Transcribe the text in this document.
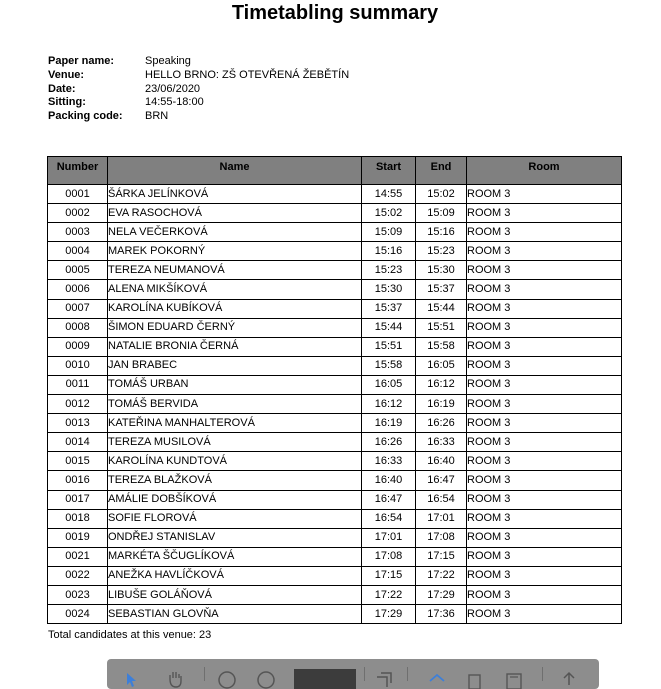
Timetabling summary
Paper name:	Speaking
Venue:	HELLO BRNO: ZŠ OTEVŘENÁ ŽEBĚTÍN
Date:	23/06/2020
Sitting:	14:55-18:00
Packing code:	BRN
Number	Name	Start	End	Room
0001	ŠÁRKA JELÍNKOVÁ	14:55	15:02	ROOM 3
0002	EVA RASOCHOVÁ	15:02	15:09	ROOM 3
0003	NELA VEČERKOVÁ	15:09	15:16	ROOM 3
0004	MAREK POKORNÝ	15:16	15:23	ROOM 3
0005	TEREZA NEUMANOVÁ	15:23	15:30	ROOM 3
0006	ALENA MIKŠÍKOVÁ	15:30	15:37	ROOM 3
0007	KAROLÍNA KUBÍKOVÁ	15:37	15:44	ROOM 3
0008	ŠIMON EDUARD ČERNÝ	15:44	15:51	ROOM 3
0009	NATALIE BRONIA ČERNÁ	15:51	15:58	ROOM 3
0010	JAN BRABEC	15:58	16:05	ROOM 3
0011	TOMÁŠ URBAN	16:05	16:12	ROOM 3
0012	TOMÁŠ BERVIDA	16:12	16:19	ROOM 3
0013	KATEŘINA MANHALTEROVÁ	16:19	16:26	ROOM 3
0014	TEREZA MUSILOVÁ	16:26	16:33	ROOM 3
0015	KAROLÍNA KUNDTOVÁ	16:33	16:40	ROOM 3
0016	TEREZA BLAŽKOVÁ	16:40	16:47	ROOM 3
0017	AMÁLIE DOBŠÍKOVÁ	16:47	16:54	ROOM 3
0018	SOFIE FLOROVÁ	16:54	17:01	ROOM 3
0019	ONDŘEJ STANISLAV	17:01	17:08	ROOM 3
0021	MARKÉTA ŠČUGLÍKOVÁ	17:08	17:15	ROOM 3
0022	ANEŽKA HAVLÍČKOVÁ	17:15	17:22	ROOM 3
0023	LIBUŠE GOLÁŇOVÁ	17:22	17:29	ROOM 3
0024	SEBASTIAN GLOVŇA	17:29	17:36	ROOM 3
Total candidates at this venue: 23
